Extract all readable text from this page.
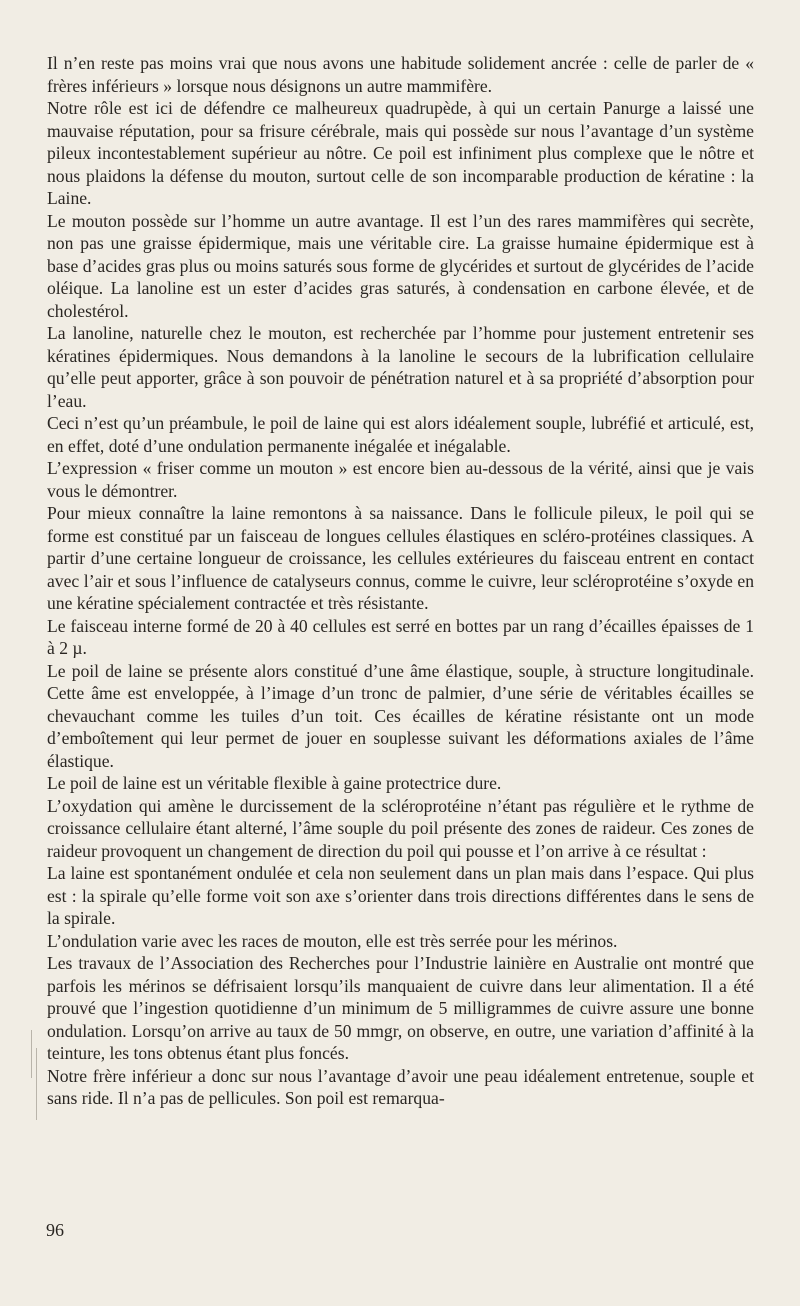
Il n’en reste pas moins vrai que nous avons une habitude solidement ancrée : celle de parler de « frères inférieurs » lorsque nous désignons un autre mammifère.

Notre rôle est ici de défendre ce malheureux quadrupède, à qui un certain Panurge a laissé une mauvaise réputation, pour sa frisure cérébrale, mais qui possède sur nous l’avantage d’un système pileux incontestablement supérieur au nôtre. Ce poil est infiniment plus complexe que le nôtre et nous plaidons la défense du mouton, surtout celle de son incomparable production de kératine : la Laine.

Le mouton possède sur l’homme un autre avantage. Il est l’un des rares mammifères qui secrète, non pas une graisse épidermique, mais une véritable cire. La graisse humaine épidermique est à base d’acides gras plus ou moins saturés sous forme de glycérides et surtout de glycérides de l’acide oléique. La lanoline est un ester d’acides gras saturés, à condensation en carbone élevée, et de cholestérol.

La lanoline, naturelle chez le mouton, est recherchée par l’homme pour justement entretenir ses kératines épidermiques. Nous demandons à la lanoline le secours de la lubrification cellulaire qu’elle peut apporter, grâce à son pouvoir de pénétration naturel et à sa propriété d’absorption pour l’eau.

Ceci n’est qu’un préambule, le poil de laine qui est alors idéalement souple, lubréfié et articulé, est, en effet, doté d’une ondulation permanente inégalée et inégalable.

L’expression « friser comme un mouton » est encore bien au-dessous de la vérité, ainsi que je vais vous le démontrer.

Pour mieux connaître la laine remontons à sa naissance. Dans le follicule pileux, le poil qui se forme est constitué par un faisceau de longues cellules élastiques en scléro-protéines classiques. A partir d’une certaine longueur de croissance, les cellules extérieures du faisceau entrent en contact avec l’air et sous l’influence de catalyseurs connus, comme le cuivre, leur scléroprotéine s’oxyde en une kératine spécialement contractée et très résistante.

Le faisceau interne formé de 20 à 40 cellules est serré en bottes par un rang d’écailles épaisses de 1 à 2 µ.

Le poil de laine se présente alors constitué d’une âme élastique, souple, à structure longitudinale. Cette âme est enveloppée, à l’image d’un tronc de palmier, d’une série de véritables écailles se chevauchant comme les tuiles d’un toit. Ces écailles de kératine résistante ont un mode d’emboîtement qui leur permet de jouer en souplesse suivant les déformations axiales de l’âme élastique.

Le poil de laine est un véritable flexible à gaine protectrice dure.

L’oxydation qui amène le durcissement de la scléroprotéine n’étant pas régulière et le rythme de croissance cellulaire étant alterné, l’âme souple du poil présente des zones de raideur. Ces zones de raideur provoquent un changement de direction du poil qui pousse et l’on arrive à ce résultat :

La laine est spontanément ondulée et cela non seulement dans un plan mais dans l’espace. Qui plus est : la spirale qu’elle forme voit son axe s’orienter dans trois directions différentes dans le sens de la spirale.

L’ondulation varie avec les races de mouton, elle est très serrée pour les mérinos.

Les travaux de l’Association des Recherches pour l’Industrie lainière en Australie ont montré que parfois les mérinos se défrisaient lorsqu’ils manquaient de cuivre dans leur alimentation. Il a été prouvé que l’ingestion quotidienne d’un minimum de 5 milligrammes de cuivre assure une bonne ondulation. Lorsqu’on arrive au taux de 50 mmgr, on observe, en outre, une variation d’affinité à la teinture, les tons obtenus étant plus foncés.

Notre frère inférieur a donc sur nous l’avantage d’avoir une peau idéalement entretenue, souple et sans ride. Il n’a pas de pellicules. Son poil est remarqua-

96
